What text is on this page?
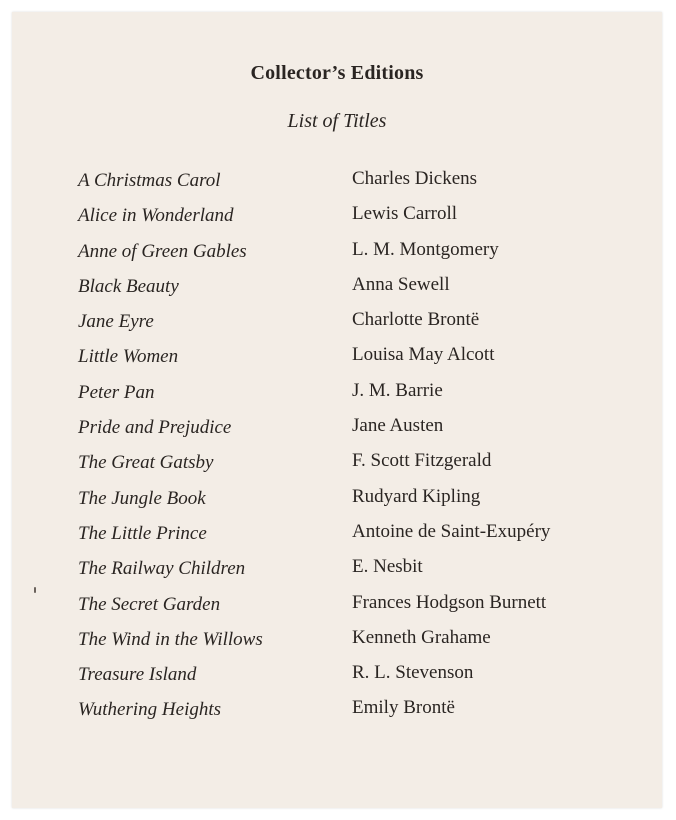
Collector’s Editions
List of Titles
A Christmas Carol	Charles Dickens
Alice in Wonderland	Lewis Carroll
Anne of Green Gables	L. M. Montgomery
Black Beauty	Anna Sewell
Jane Eyre	Charlotte Brontë
Little Women	Louisa May Alcott
Peter Pan	J. M. Barrie
Pride and Prejudice	Jane Austen
The Great Gatsby	F. Scott Fitzgerald
The Jungle Book	Rudyard Kipling
The Little Prince	Antoine de Saint-Exupéry
The Railway Children	E. Nesbit
The Secret Garden	Frances Hodgson Burnett
The Wind in the Willows	Kenneth Grahame
Treasure Island	R. L. Stevenson
Wuthering Heights	Emily Brontë
